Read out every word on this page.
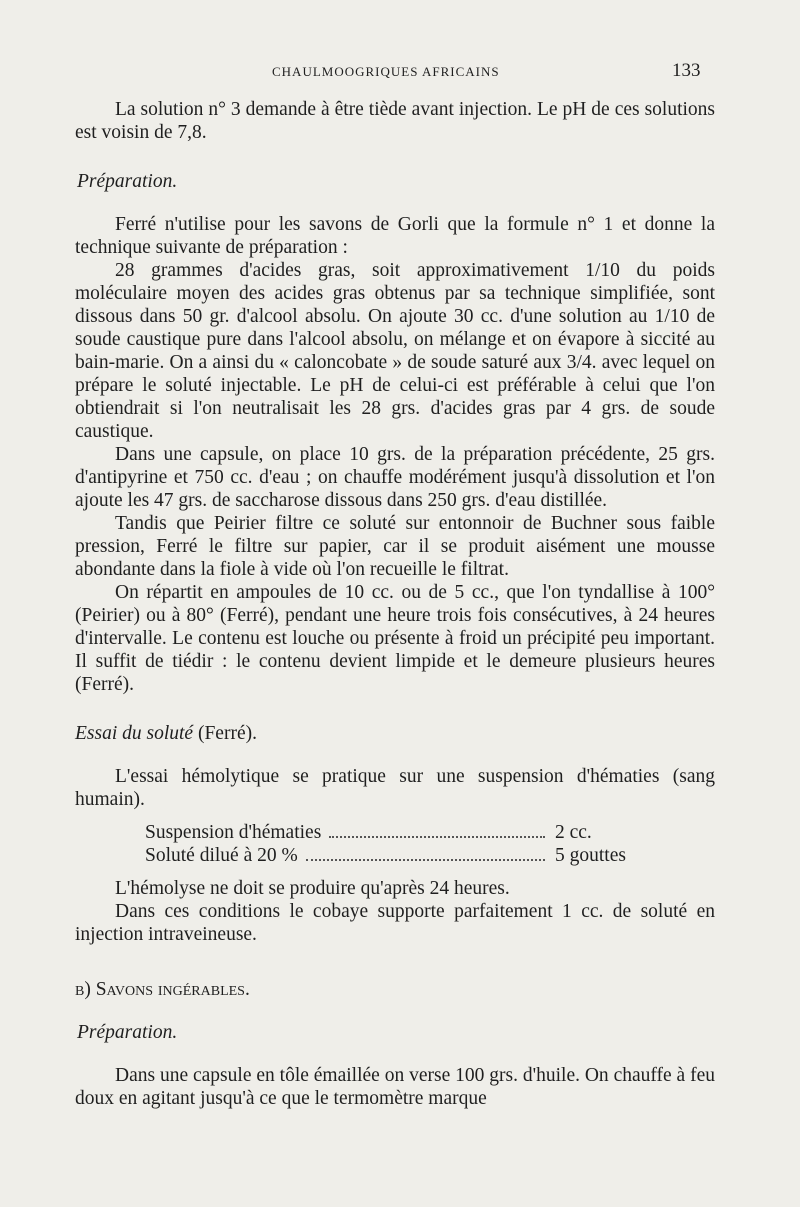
CHAULMOOGRIQUES AFRICAINS	133

La solution n° 3 demande à être tiède avant injection. Le pH de ces solutions est voisin de 7,8.

Préparation.

Ferré n'utilise pour les savons de Gorli que la formule n° 1 et donne la technique suivante de préparation :

28 grammes d'acides gras, soit approximativement 1/10 du poids moléculaire moyen des acides gras obtenus par sa technique simplifiée, sont dissous dans 50 gr. d'alcool absolu. On ajoute 30 cc. d'une solution au 1/10 de soude caustique pure dans l'alcool absolu, on mélange et on évapore à siccité au bain-marie. On a ainsi du « caloncobate » de soude saturé aux 3/4. avec lequel on prépare le soluté injectable. Le pH de celui-ci est préférable à celui que l'on obtiendrait si l'on neutralisait les 28 grs. d'acides gras par 4 grs. de soude caustique.

Dans une capsule, on place 10 grs. de la préparation précédente, 25 grs. d'antipyrine et 750 cc. d'eau ; on chauffe modérément jusqu'à dissolution et l'on ajoute les 47 grs. de saccharose dissous dans 250 grs. d'eau distillée.

Tandis que Peirier filtre ce soluté sur entonnoir de Buchner sous faible pression, Ferré le filtre sur papier, car il se produit aisément une mousse abondante dans la fiole à vide où l'on recueille le filtrat.

On répartit en ampoules de 10 cc. ou de 5 cc., que l'on tyndallise à 100° (Peirier) ou à 80° (Ferré), pendant une heure trois fois consécutives, à 24 heures d'intervalle. Le contenu est louche ou présente à froid un précipité peu important. Il suffit de tiédir : le contenu devient limpide et le demeure plusieurs heures (Ferré).

Essai du soluté (Ferré).

L'essai hémolytique se pratique sur une suspension d'hématies (sang humain).

Suspension d'hématies	2 cc.
Soluté dilué à 20 %	5 gouttes

L'hémolyse ne doit se produire qu'après 24 heures.

Dans ces conditions le cobaye supporte parfaitement 1 cc. de soluté en injection intraveineuse.

b) Savons ingérables.

Préparation.

Dans une capsule en tôle émaillée on verse 100 grs. d'huile. On chauffe à feu doux en agitant jusqu'à ce que le termomètre marque
